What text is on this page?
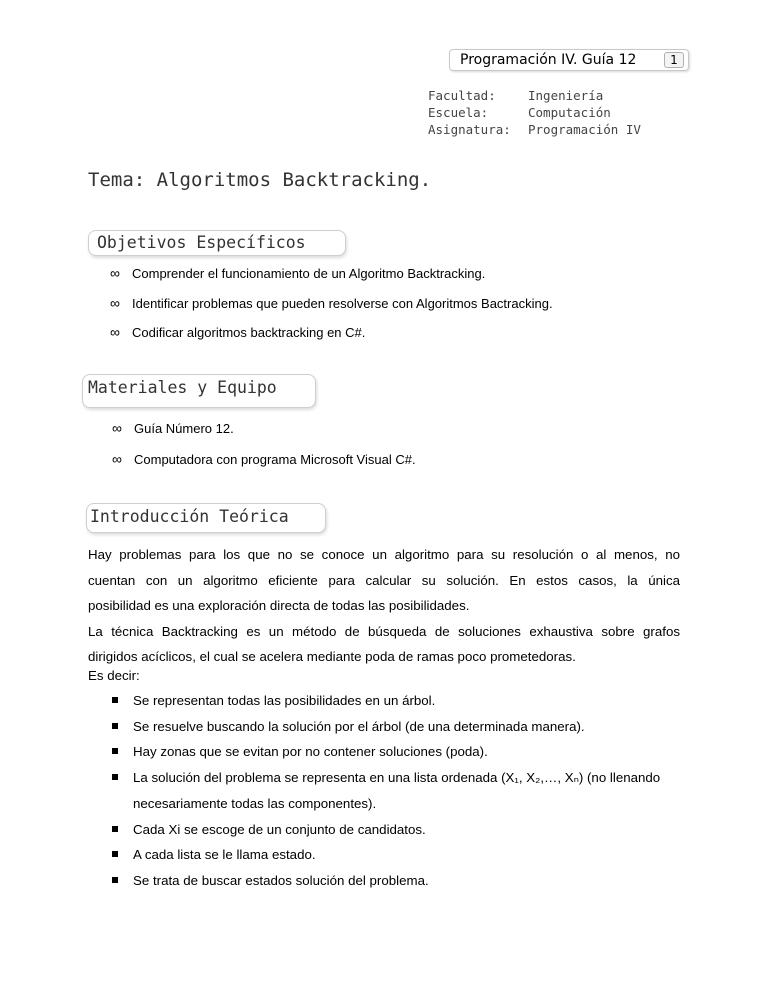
Programación IV. Guía 12	1
Facultad:	Ingeniería
Escuela:	Computación
Asignatura:	Programación IV
Tema: Algoritmos Backtracking.
Objetivos Específicos
∞ Comprender el funcionamiento de un Algoritmo Backtracking.
∞ Identificar problemas que pueden resolverse con Algoritmos Bactracking.
∞ Codificar algoritmos backtracking en C#.
Materiales y Equipo
∞ Guía Número 12.
∞ Computadora con programa Microsoft Visual C#.
Introducción Teórica

Hay problemas para los que no se conoce un algoritmo para su resolución o al menos, no

cuentan con un algoritmo eficiente para calcular su solución. En estos casos, la única

posibilidad es una exploración directa de todas las posibilidades.

La técnica Backtracking es un método de búsqueda de soluciones exhaustiva sobre grafos

dirigidos acíclicos, el cual se acelera mediante poda de ramas poco prometedoras.

Es decir:
Se representan todas las posibilidades en un árbol.
Se resuelve buscando la solución por el árbol (de una determinada manera).
Hay zonas que se evitan por no contener soluciones (poda).
La solución del problema se representa en una lista ordenada (X₁, X₂,…, Xₙ) (no llenando
necesariamente todas las componentes).
Cada Xi se escoge de un conjunto de candidatos.
A cada lista se le llama estado.
Se trata de buscar estados solución del problema.
